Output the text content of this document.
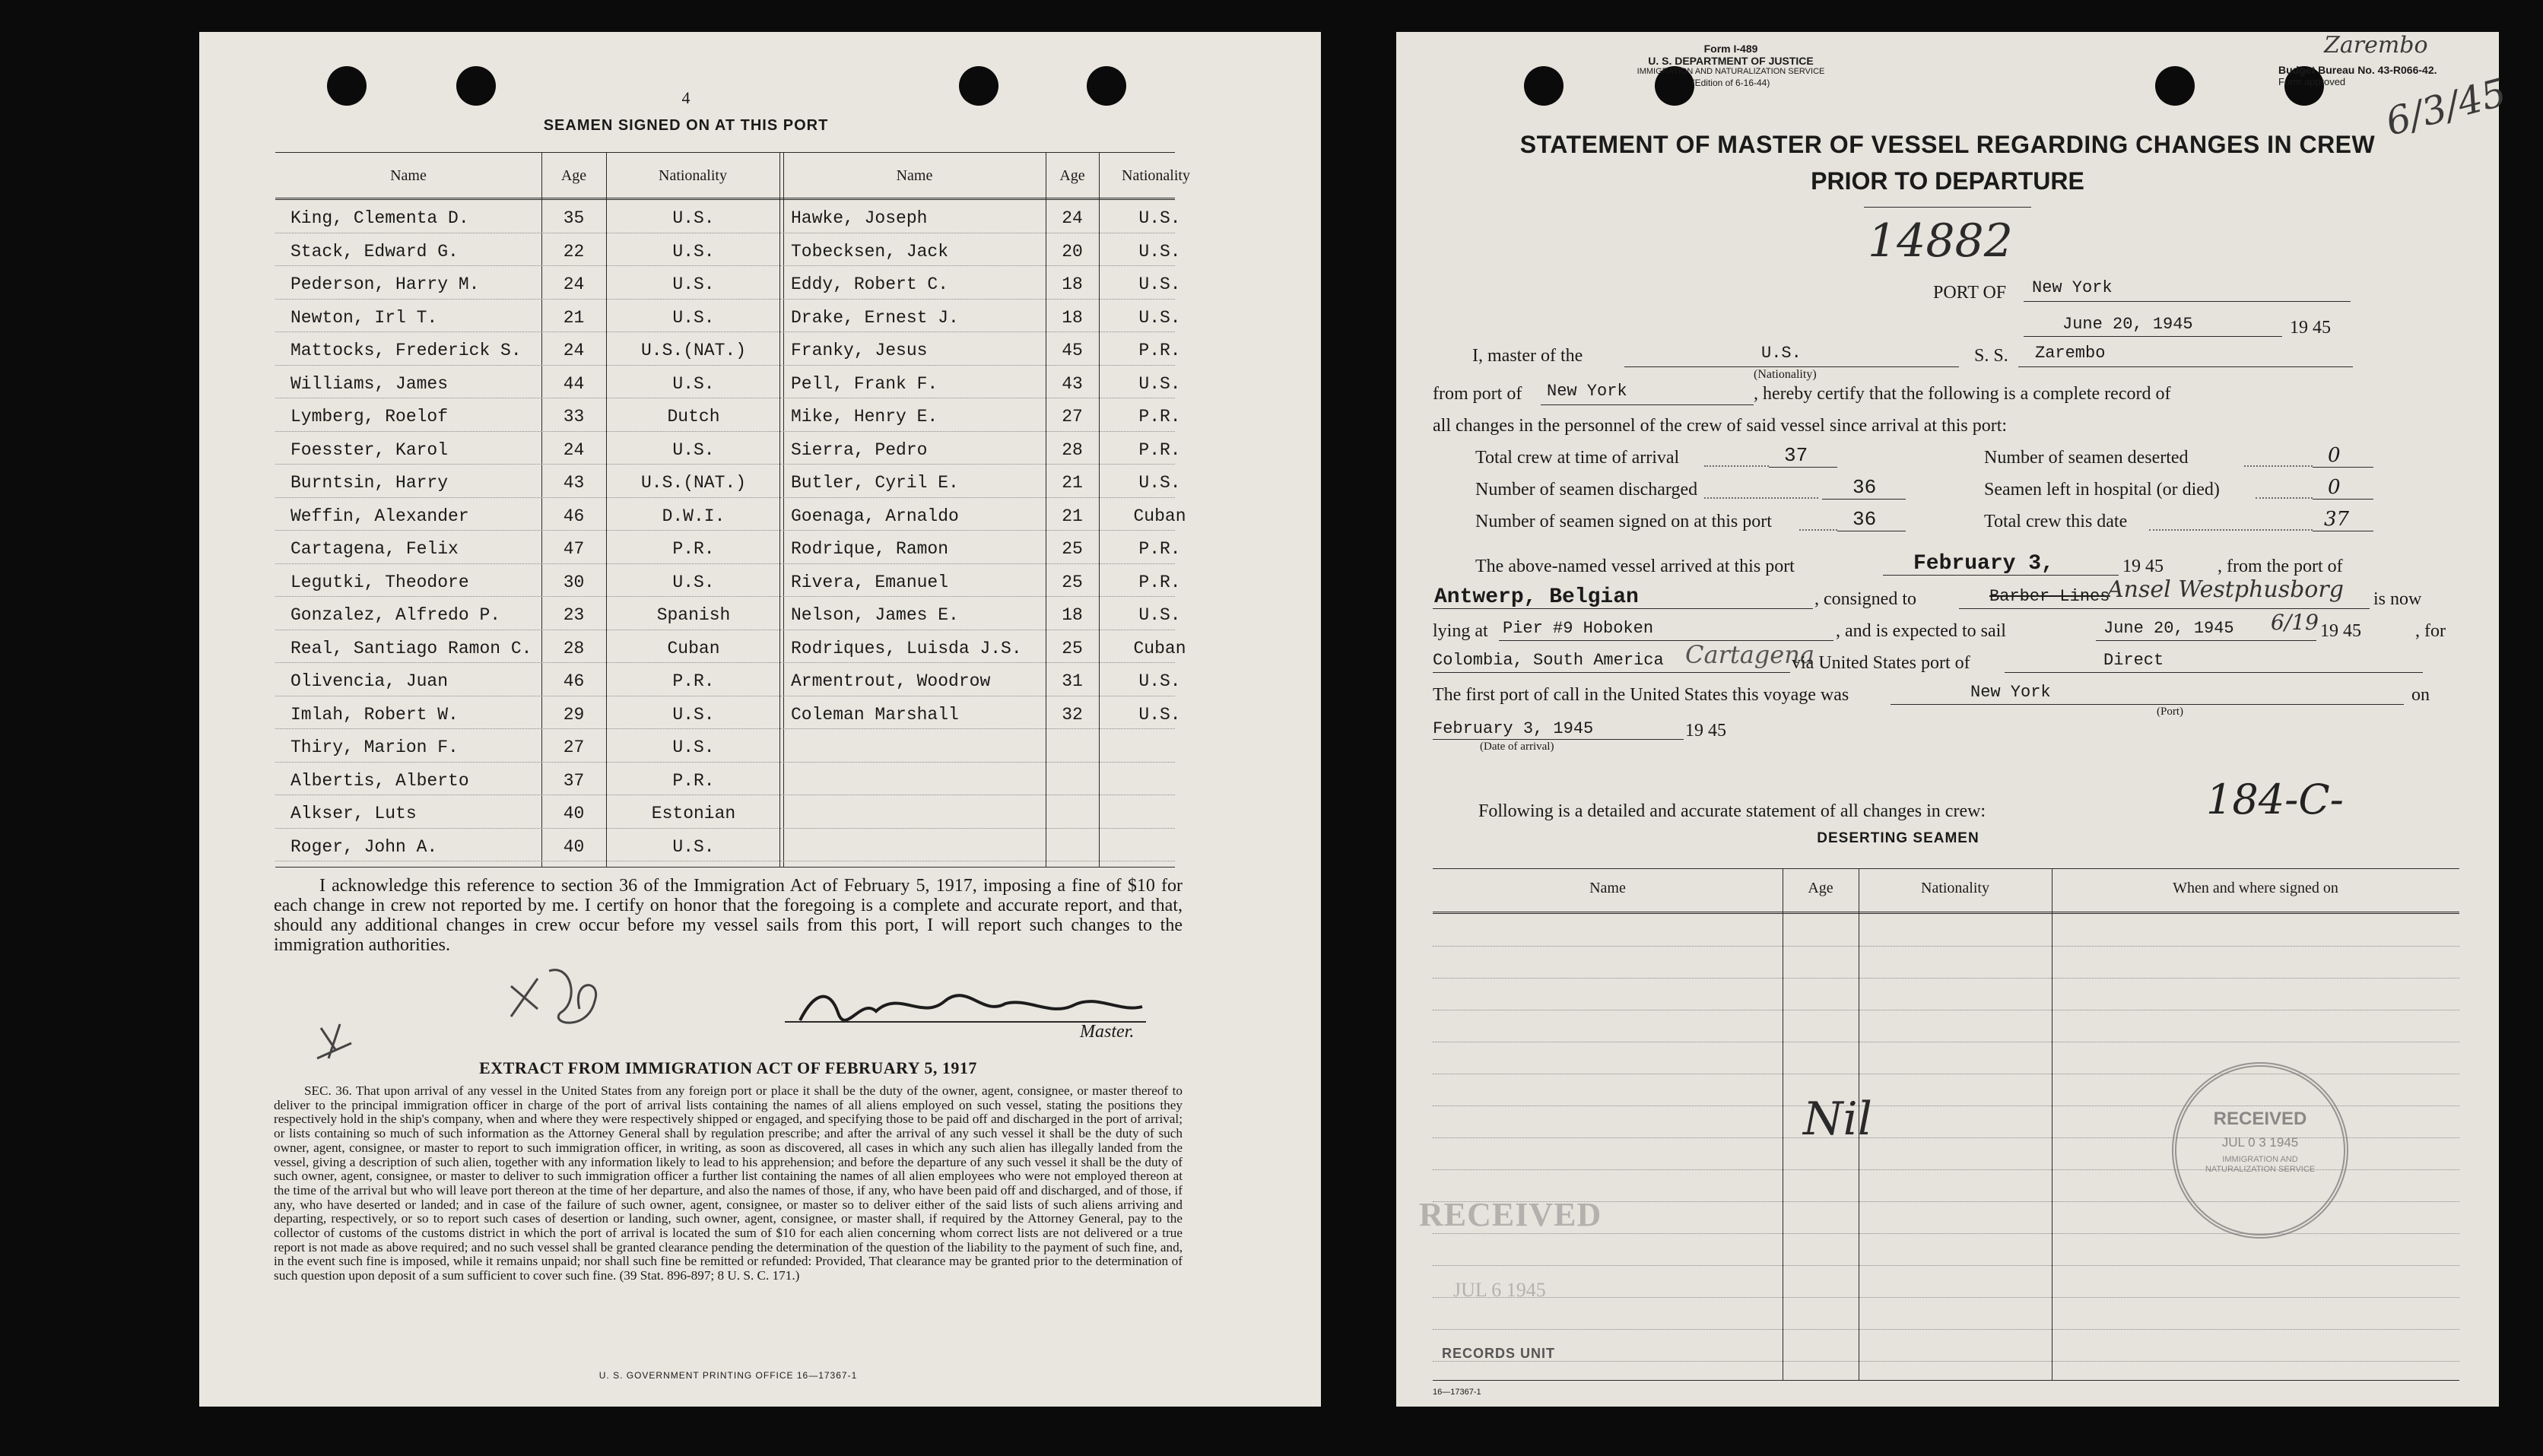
4
SEAMEN SIGNED ON AT THIS PORT
Name	Age	Nationality	Name	Age	Nationality
King, Clementa D.	35	U.S.	Hawke, Joseph	24	U.S.
Stack, Edward G.	22	U.S.	Tobecksen, Jack	20	U.S.
Pederson, Harry M.	24	U.S.	Eddy, Robert C.	18	U.S.
Newton, Irl T.	21	U.S.	Drake, Ernest J.	18	U.S.
Mattocks, Frederick S.	24	U.S.(NAT.)	Franky, Jesus	45	P.R.
Williams, James	44	U.S.	Pell, Frank F.	43	U.S.
Lymberg, Roelof	33	Dutch	Mike, Henry E.	27	P.R.
Foesster, Karol	24	U.S.	Sierra, Pedro	28	P.R.
Burntsin, Harry	43	U.S.(NAT.)	Butler, Cyril E.	21	U.S.
Weffin, Alexander	46	D.W.I.	Goenaga, Arnaldo	21	Cuban
Cartagena, Felix	47	P.R.	Rodrique, Ramon	25	P.R.
Legutki, Theodore	30	U.S.	Rivera, Emanuel	25	P.R.
Gonzalez, Alfredo P.	23	Spanish	Nelson, James E.	18	U.S.
Real, Santiago Ramon C.	28	Cuban	Rodriques, Luisda J.S.	25	Cuban
Olivencia, Juan	46	P.R.	Armentrout, Woodrow	31	U.S.
Imlah, Robert W.	29	U.S.	Coleman Marshall	32	U.S.
Thiry, Marion F.	27	U.S.
Albertis, Alberto	37	P.R.
Alkser, Luts	40	Estonian
Roger, John A.	40	U.S.
I acknowledge this reference to section 36 of the Immigration Act of February 5, 1917, imposing a fine of $10 for each change in crew not reported by me. I certify on honor that the foregoing is a complete and accurate report, and that, should any additional changes in crew occur before my vessel sails from this port, I will report such changes to the immigration authorities.
Master.
EXTRACT FROM IMMIGRATION ACT OF FEBRUARY 5, 1917
SEC. 36. That upon arrival of any vessel in the United States from any foreign port or place it shall be the duty of the owner, agent, consignee, or master thereof to deliver to the principal immigration officer in charge of the port of arrival lists containing the names of all aliens employed on such vessel, stating the positions they respectively hold in the ship's company, when and where they were respectively shipped or engaged, and specifying those to be paid off and discharged in the port of arrival; or lists containing so much of such information as the Attorney General shall by regulation prescribe; and after the arrival of any such vessel it shall be the duty of such owner, agent, consignee, or master to report to such immigration officer, in writing, as soon as discovered, all cases in which any such alien has illegally landed from the vessel, giving a description of such alien, together with any information likely to lead to his apprehension; and before the departure of any such vessel it shall be the duty of such owner, agent, consignee, or master to deliver to such immigration officer a further list containing the names of all alien employees who were not employed thereon at the time of the arrival but who will leave port thereon at the time of her departure, and also the names of those, if any, who have been paid off and discharged, and of those, if any, who have deserted or landed; and in case of the failure of such owner, agent, consignee, or master so to deliver either of the said lists of such aliens arriving and departing, respectively, or so to report such cases of desertion or landing, such owner, agent, consignee, or master shall, if required by the Attorney General, pay to the collector of customs of the customs district in which the port of arrival is located the sum of $10 for each alien concerning whom correct lists are not delivered or a true report is not made as above required; and no such vessel shall be granted clearance pending the determination of the question of the liability to the payment of such fine, and, in the event such fine is imposed, while it remains unpaid; nor shall such fine be remitted or refunded: Provided, That clearance may be granted prior to the determination of such question upon deposit of a sum sufficient to cover such fine. (39 Stat. 896-897; 8 U. S. C. 171.)
U. S. GOVERNMENT PRINTING OFFICE 16—17367-1
Form I-489
U. S. DEPARTMENT OF JUSTICE
IMMIGRATION AND NATURALIZATION SERVICE
(Edition of 6-16-44)
Budget Bureau No. 43-R066-42.
Form approved
Zarembo
6/3/45
STATEMENT OF MASTER OF VESSEL REGARDING CHANGES IN CREW
PRIOR TO DEPARTURE
14882
PORT OF New York
June 20, 1945	19 45
I, master of the	U.S.
(Nationality)
S. S. Zarembo
from port of New York	, hereby certify that the following is a complete record of
all changes in the personnel of the crew of said vessel since arrival at this port:
Total crew at time of arrival	37	Number of seamen deserted	0
Number of seamen discharged	36	Seamen left in hospital (or died)	0
Number of seamen signed on at this port	36	Total crew this date	37
The above-named vessel arrived at this port	February 3,	19 45	, from the port of
Antwerp, Belgian	, consigned to	Barber Lines
Ansel Westphusborg is now
lying at Pier #9 Hoboken	, and is expected to sail	June 20, 1945 6/19 19 45	, for
Colombia, South America Cartagena
via United States port of	Direct
The first port of call in the United States this voyage was	New York
(Port)
on
February 3, 1945
(Date of arrival)
19 45
Following is a detailed and accurate statement of all changes in crew:	184-C-
DESERTING SEAMEN
Name	Age	Nationality	When and where signed on
Nil
RECEIVED
JUL 6 1945
RECORDS UNIT
RECEIVED
JUL 0 3 1945
IMMIGRATION AND NATURALIZATION SERVICE
16—17367-1
